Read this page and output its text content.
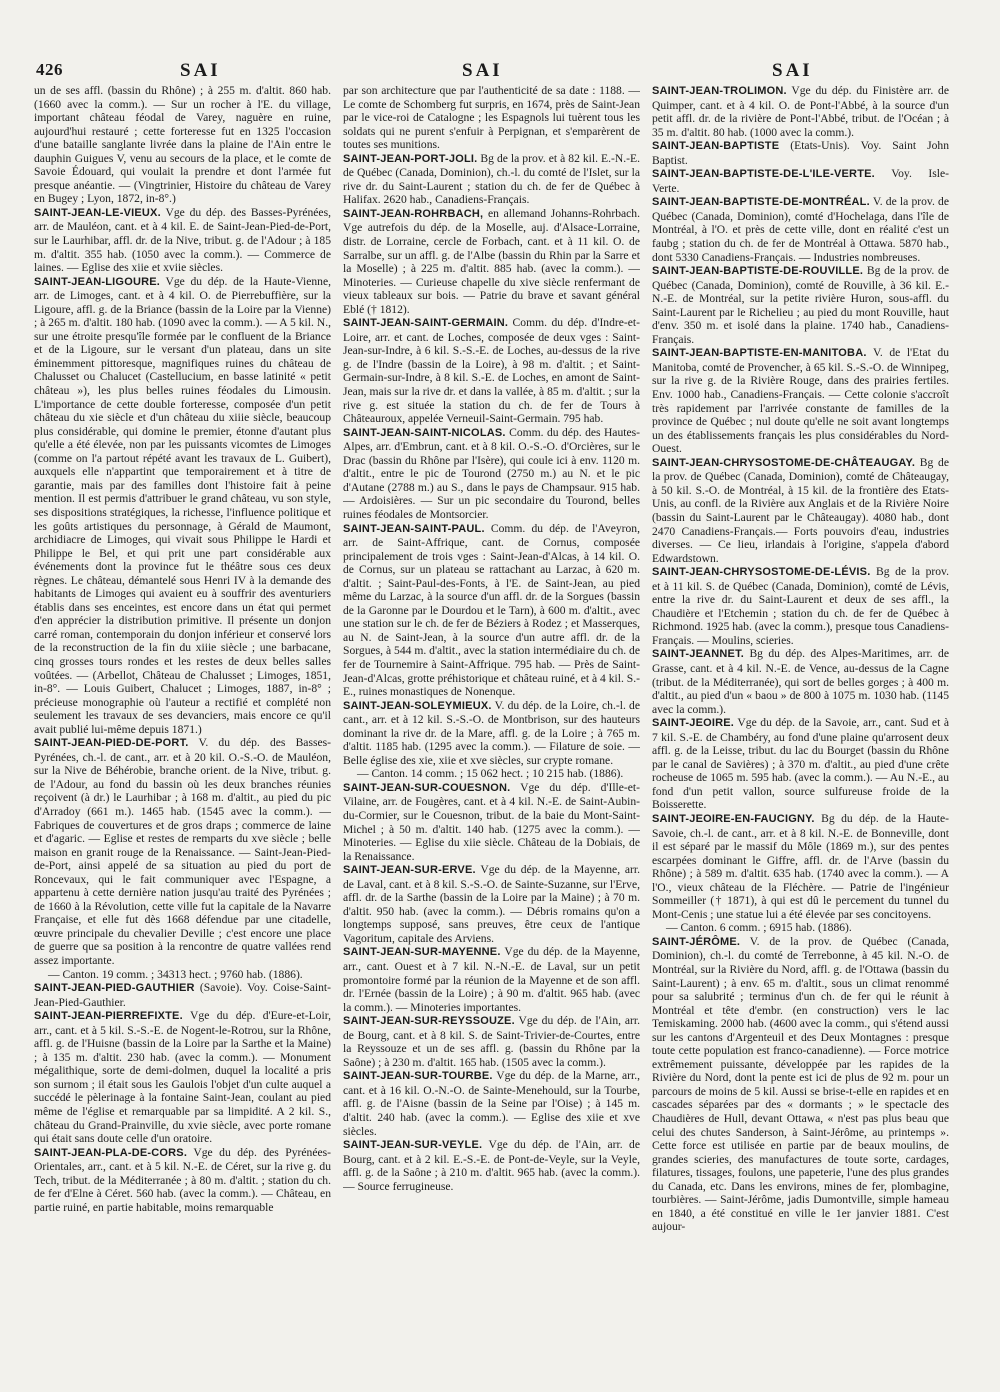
426	SAI	SAI	SAI

un de ses affl. (bassin du Rhône) ; à 255 m. d'altit. 860 hab. (1660 avec la comm.). — Sur un rocher à l'E. du village, important château féodal de Varey, naguère en ruine, aujourd'hui restauré ; cette forteresse fut en 1325 l'occasion d'une bataille sanglante livrée dans la plaine de l'Ain entre le dauphin Guigues V, venu au secours de la place, et le comte de Savoie Édouard, qui voulait la prendre et dont l'armée fut presque anéantie. — (Vingtrinier, Histoire du château de Varey en Bugey ; Lyon, 1872, in-8°.)

SAINT-JEAN-LE-VIEUX. Vge du dép. des Basses-Pyrénées, arr. de Mauléon, cant. et à 4 kil. E. de Saint-Jean-Pied-de-Port, sur le Laurhibar, affl. dr. de la Nive, tribut. g. de l'Adour ; à 185 m. d'altit. 355 hab. (1050 avec la comm.). — Commerce de laines. — Eglise des xiie et xviie siècles.

SAINT-JEAN-LIGOURE. Vge du dép. de la Haute-Vienne, arr. de Limoges, cant. et à 4 kil. O. de Pierrebuffière, sur la Ligoure, affl. g. de la Briance (bassin de la Loire par la Vienne) ; à 265 m. d'altit. 180 hab. (1090 avec la comm.). — A 5 kil. N., sur une étroite presqu'île formée par le confluent de la Briance et de la Ligoure, sur le versant d'un plateau, dans un site éminemment pittoresque, magnifiques ruines du château de Chalusset ou Chalucet (Castellucium, en basse latinité « petit château »), les plus belles ruines féodales du Limousin. L'importance de cette double forteresse, composée d'un petit château du xie siècle et d'un château du xiiie siècle, beaucoup plus considérable, qui domine le premier, étonne d'autant plus qu'elle a été élevée, non par les puissants vicomtes de Limoges (comme on l'a partout répété avant les travaux de L. Guibert), auxquels elle n'appartint que temporairement et à titre de garantie, mais par des familles dont l'histoire fait à peine mention. Il est permis d'attribuer le grand château, vu son style, ses dispositions stratégiques, la richesse, l'influence politique et les goûts artistiques du personnage, à Gérald de Maumont, archidiacre de Limoges, qui vivait sous Philippe le Hardi et Philippe le Bel, et qui prit une part considérable aux événements dont la province fut le théâtre sous ces deux règnes. Le château, démantelé sous Henri IV à la demande des habitants de Limoges qui avaient eu à souffrir des aventuriers établis dans ses enceintes, est encore dans un état qui permet d'en apprécier la distribution primitive. Il présente un donjon carré roman, contemporain du donjon inférieur et conservé lors de la reconstruction de la fin du xiiie siècle ; une barbacane, cinq grosses tours rondes et les restes de deux belles salles voûtées. — (Arbellot, Château de Chalusset ; Limoges, 1851, in-8°. — Louis Guibert, Chalucet ; Limoges, 1887, in-8° ; précieuse monographie où l'auteur a rectifié et complété non seulement les travaux de ses devanciers, mais encore ce qu'il avait publié lui-même depuis 1871.)

SAINT-JEAN-PIED-DE-PORT. V. du dép. des Basses-Pyrénées, ch.-l. de cant., arr. et à 20 kil. O.-S.-O. de Mauléon, sur la Nive de Béhérobie, branche orient. de la Nive, tribut. g. de l'Adour, au fond du bassin où les deux branches réunies reçoivent (à dr.) le Laurhibar ; à 168 m. d'altit., au pied du pic d'Arradoy (661 m.). 1465 hab. (1545 avec la comm.). — Fabriques de couvertures et de gros draps ; commerce de laine et d'agaric. — Eglise et restes de remparts du xve siècle ; belle maison en granit rouge de la Renaissance. — Saint-Jean-Pied-de-Port, ainsi appelé de sa situation au pied du port de Roncevaux, qui le fait communiquer avec l'Espagne, a appartenu à cette dernière nation jusqu'au traité des Pyrénées ; de 1660 à la Révolution, cette ville fut la capitale de la Navarre Française, et elle fut dès 1668 défendue par une citadelle, œuvre principale du chevalier Deville ; c'est encore une place de guerre que sa position à la rencontre de quatre vallées rend assez importante.

— Canton. 19 comm. ; 34313 hect. ; 9760 hab. (1886).

SAINT-JEAN-PIED-GAUTHIER (Savoie). Voy. Coise-Saint-Jean-Pied-Gauthier.

SAINT-JEAN-PIERREFIXTE. Vge du dép. d'Eure-et-Loir, arr., cant. et à 5 kil. S.-S.-E. de Nogent-le-Rotrou, sur la Rhône, affl. g. de l'Huisne (bassin de la Loire par la Sarthe et la Maine) ; à 135 m. d'altit. 230 hab. (avec la comm.). — Monument mégalithique, sorte de demi-dolmen, duquel la localité a pris son surnom ; il était sous les Gaulois l'objet d'un culte auquel a succédé le pèlerinage à la fontaine Saint-Jean, coulant au pied même de l'église et remarquable par sa limpidité. A 2 kil. S., château du Grand-Prainville, du xvie siècle, avec porte romane qui était sans doute celle d'un oratoire.

SAINT-JEAN-PLA-DE-CORS. Vge du dép. des Pyrénées-Orientales, arr., cant. et à 5 kil. N.-E. de Céret, sur la rive g. du Tech, tribut. de la Méditerranée ; à 80 m. d'altit. ; station du ch. de fer d'Elne à Céret. 560 hab. (avec la comm.). — Château, en partie ruiné, en partie habitable, moins remarquable

par son architecture que par l'authenticité de sa date : 1188. — Le comte de Schomberg fut surpris, en 1674, près de Saint-Jean par le vice-roi de Catalogne ; les Espagnols lui tuèrent tous les soldats qui ne purent s'enfuir à Perpignan, et s'emparèrent de toutes ses munitions.

SAINT-JEAN-PORT-JOLI. Bg de la prov. et à 82 kil. E.-N.-E. de Québec (Canada, Dominion), ch.-l. du comté de l'Islet, sur la rive dr. du Saint-Laurent ; station du ch. de fer de Québec à Halifax. 2620 hab., Canadiens-Français.

SAINT-JEAN-ROHRBACH, en allemand Johanns-Rohrbach. Vge autrefois du dép. de la Moselle, auj. d'Alsace-Lorraine, distr. de Lorraine, cercle de Forbach, cant. et à 11 kil. O. de Sarralbe, sur un affl. g. de l'Albe (bassin du Rhin par la Sarre et la Moselle) ; à 225 m. d'altit. 885 hab. (avec la comm.). — Minoteries. — Curieuse chapelle du xive siècle renfermant de vieux tableaux sur bois. — Patrie du brave et savant général Eblé († 1812).

SAINT-JEAN-SAINT-GERMAIN. Comm. du dép. d'Indre-et-Loire, arr. et cant. de Loches, composée de deux vges : Saint-Jean-sur-Indre, à 6 kil. S.-S.-E. de Loches, au-dessus de la rive g. de l'Indre (bassin de la Loire), à 98 m. d'altit. ; et Saint-Germain-sur-Indre, à 8 kil. S.-E. de Loches, en amont de Saint-Jean, mais sur la rive dr. et dans la vallée, à 85 m. d'altit. ; sur la rive g. est située la station du ch. de fer de Tours à Châteauroux, appelée Verneuil-Saint-Germain. 795 hab.

SAINT-JEAN-SAINT-NICOLAS. Comm. du dép. des Hautes-Alpes, arr. d'Embrun, cant. et à 8 kil. O.-S.-O. d'Orcières, sur le Drac (bassin du Rhône par l'Isère), qui coule ici à env. 1120 m. d'altit., entre le pic de Tourond (2750 m.) au N. et le pic d'Autane (2788 m.) au S., dans le pays de Champsaur. 915 hab. — Ardoisières. — Sur un pic secondaire du Tourond, belles ruines féodales de Montsorcier.

SAINT-JEAN-SAINT-PAUL. Comm. du dép. de l'Aveyron, arr. de Saint-Affrique, cant. de Cornus, composée principalement de trois vges : Saint-Jean-d'Alcas, à 14 kil. O. de Cornus, sur un plateau se rattachant au Larzac, à 620 m. d'altit. ; Saint-Paul-des-Fonts, à l'E. de Saint-Jean, au pied même du Larzac, à la source d'un affl. dr. de la Sorgues (bassin de la Garonne par le Dourdou et le Tarn), à 600 m. d'altit., avec une station sur le ch. de fer de Béziers à Rodez ; et Masserques, au N. de Saint-Jean, à la source d'un autre affl. dr. de la Sorgues, à 544 m. d'altit., avec la station intermédiaire du ch. de fer de Tournemire à Saint-Affrique. 795 hab. — Près de Saint-Jean-d'Alcas, grotte préhistorique et château ruiné, et à 4 kil. S.-E., ruines monastiques de Nonenque.

SAINT-JEAN-SOLEYMIEUX. V. du dép. de la Loire, ch.-l. de cant., arr. et à 12 kil. S.-S.-O. de Montbrison, sur des hauteurs dominant la rive dr. de la Mare, affl. g. de la Loire ; à 765 m. d'altit. 1185 hab. (1295 avec la comm.). — Filature de soie. — Belle église des xie, xiie et xve siècles, sur crypte romane.

— Canton. 14 comm. ; 15 062 hect. ; 10 215 hab. (1886).

SAINT-JEAN-SUR-COUESNON. Vge du dép. d'Ille-et-Vilaine, arr. de Fougères, cant. et à 4 kil. N.-E. de Saint-Aubin-du-Cormier, sur le Couesnon, tribut. de la baie du Mont-Saint-Michel ; à 50 m. d'altit. 140 hab. (1275 avec la comm.). — Minoteries. — Eglise du xiie siècle. Château de la Dobiais, de la Renaissance.

SAINT-JEAN-SUR-ERVE. Vge du dép. de la Mayenne, arr. de Laval, cant. et à 8 kil. S.-S.-O. de Sainte-Suzanne, sur l'Erve, affl. dr. de la Sarthe (bassin de la Loire par la Maine) ; à 70 m. d'altit. 950 hab. (avec la comm.). — Débris romains qu'on a longtemps supposé, sans preuves, être ceux de l'antique Vagoritum, capitale des Arviens.

SAINT-JEAN-SUR-MAYENNE. Vge du dép. de la Mayenne, arr., cant. Ouest et à 7 kil. N.-N.-E. de Laval, sur un petit promontoire formé par la réunion de la Mayenne et de son affl. dr. l'Ernée (bassin de la Loire) ; à 90 m. d'altit. 965 hab. (avec la comm.). — Minoteries importantes.

SAINT-JEAN-SUR-REYSSOUZE. Vge du dép. de l'Ain, arr. de Bourg, cant. et à 8 kil. S. de Saint-Trivier-de-Courtes, entre la Reyssouze et un de ses affl. g. (bassin du Rhône par la Saône) ; à 230 m. d'altit. 165 hab. (1505 avec la comm.).

SAINT-JEAN-SUR-TOURBE. Vge du dép. de la Marne, arr., cant. et à 16 kil. O.-N.-O. de Sainte-Menehould, sur la Tourbe, affl. g. de l'Aisne (bassin de la Seine par l'Oise) ; à 145 m. d'altit. 240 hab. (avec la comm.). — Eglise des xiie et xve siècles.

SAINT-JEAN-SUR-VEYLE. Vge du dép. de l'Ain, arr. de Bourg, cant. et à 2 kil. E.-S.-E. de Pont-de-Veyle, sur la Veyle, affl. g. de la Saône ; à 210 m. d'altit. 965 hab. (avec la comm.). — Source ferrugineuse.

SAINT-JEAN-TROLIMON. Vge du dép. du Finistère arr. de Quimper, cant. et à 4 kil. O. de Pont-l'Abbé, à la source d'un petit affl. dr. de la rivière de Pont-l'Abbé, tribut. de l'Océan ; à 35 m. d'altit. 80 hab. (1000 avec la comm.).

SAINT-JEAN-BAPTISTE (Etats-Unis). Voy. Saint John Baptist.

SAINT-JEAN-BAPTISTE-DE-L'ILE-VERTE. Voy. Isle-Verte.

SAINT-JEAN-BAPTISTE-DE-MONTRÉAL. V. de la prov. de Québec (Canada, Dominion), comté d'Hochelaga, dans l'île de Montréal, à l'O. et près de cette ville, dont en réalité c'est un faubg ; station du ch. de fer de Montréal à Ottawa. 5870 hab., dont 5330 Canadiens-Français. — Industries nombreuses.

SAINT-JEAN-BAPTISTE-DE-ROUVILLE. Bg de la prov. de Québec (Canada, Dominion), comté de Rouville, à 36 kil. E.-N.-E. de Montréal, sur la petite rivière Huron, sous-affl. du Saint-Laurent par le Richelieu ; au pied du mont Rouville, haut d'env. 350 m. et isolé dans la plaine. 1740 hab., Canadiens-Français.

SAINT-JEAN-BAPTISTE-EN-MANITOBA. V. de l'Etat du Manitoba, comté de Provencher, à 65 kil. S.-S.-O. de Winnipeg, sur la rive g. de la Rivière Rouge, dans des prairies fertiles. Env. 1000 hab., Canadiens-Français. — Cette colonie s'accroît très rapidement par l'arrivée constante de familles de la province de Québec ; nul doute qu'elle ne soit avant longtemps un des établissements français les plus considérables du Nord-Ouest.

SAINT-JEAN-CHRYSOSTOME-DE-CHÂTEAUGAY. Bg de la prov. de Québec (Canada, Dominion), comté de Châteaugay, à 50 kil. S.-O. de Montréal, à 15 kil. de la frontière des Etats-Unis, au confl. de la Rivière aux Anglais et de la Rivière Noire (bassin du Saint-Laurent par le Châteaugay). 4080 hab., dont 2470 Canadiens-Français.— Forts pouvoirs d'eau, industries diverses. — Ce lieu, irlandais à l'origine, s'appela d'abord Edwardstown.

SAINT-JEAN-CHRYSOSTOME-DE-LÉVIS. Bg de la prov. et à 11 kil. S. de Québec (Canada, Dominion), comté de Lévis, entre la rive dr. du Saint-Laurent et deux de ses affl., la Chaudière et l'Etchemin ; station du ch. de fer de Québec à Richmond. 1925 hab. (avec la comm.), presque tous Canadiens-Français. — Moulins, scieries.

SAINT-JEANNET. Bg du dép. des Alpes-Maritimes, arr. de Grasse, cant. et à 4 kil. N.-E. de Vence, au-dessus de la Cagne (tribut. de la Méditerranée), qui sort de belles gorges ; à 400 m. d'altit., au pied d'un « baou » de 800 à 1075 m. 1030 hab. (1145 avec la comm.).

SAINT-JEOIRE. Vge du dép. de la Savoie, arr., cant. Sud et à 7 kil. S.-E. de Chambéry, au fond d'une plaine qu'arrosent deux affl. g. de la Leisse, tribut. du lac du Bourget (bassin du Rhône par le canal de Savières) ; à 370 m. d'altit., au pied d'une crête rocheuse de 1065 m. 595 hab. (avec la comm.). — Au N.-E., au fond d'un petit vallon, source sulfureuse froide de la Boisserette.

SAINT-JEOIRE-EN-FAUCIGNY. Bg du dép. de la Haute-Savoie, ch.-l. de cant., arr. et à 8 kil. N.-E. de Bonneville, dont il est séparé par le massif du Môle (1869 m.), sur des pentes escarpées dominant le Giffre, affl. dr. de l'Arve (bassin du Rhône) ; à 589 m. d'altit. 635 hab. (1740 avec la comm.). — A l'O., vieux château de la Fléchère. — Patrie de l'ingénieur Sommeiller († 1871), à qui est dû le percement du tunnel du Mont-Cenis ; une statue lui a été élevée par ses concitoyens.

— Canton. 6 comm. ; 6915 hab. (1886).

SAINT-JÉRÔME. V. de la prov. de Québec (Canada, Dominion), ch.-l. du comté de Terrebonne, à 45 kil. N.-O. de Montréal, sur la Rivière du Nord, affl. g. de l'Ottawa (bassin du Saint-Laurent) ; à env. 65 m. d'altit., sous un climat renommé pour sa salubrité ; terminus d'un ch. de fer qui le réunit à Montréal et tête d'embr. (en construction) vers le lac Temiskaming. 2000 hab. (4600 avec la comm., qui s'étend aussi sur les cantons d'Argenteuil et des Deux Montagnes : presque toute cette population est franco-canadienne). — Force motrice extrêmement puissante, développée par les rapides de la Rivière du Nord, dont la pente est ici de plus de 92 m. pour un parcours de moins de 5 kil. Aussi se brise-t-elle en rapides et en cascades séparées par des « dormants ; » le spectacle des Chaudières de Hull, devant Ottawa, « n'est pas plus beau que celui des chutes Sanderson, à Saint-Jérôme, au printemps ». Cette force est utilisée en partie par de beaux moulins, de grandes scieries, des manufactures de toute sorte, cardages, filatures, tissages, foulons, une papeterie, l'une des plus grandes du Canada, etc. Dans les environs, mines de fer, plombagine, tourbières. — Saint-Jérôme, jadis Dumontville, simple hameau en 1840, a été constitué en ville le 1er janvier 1881. C'est aujour-
